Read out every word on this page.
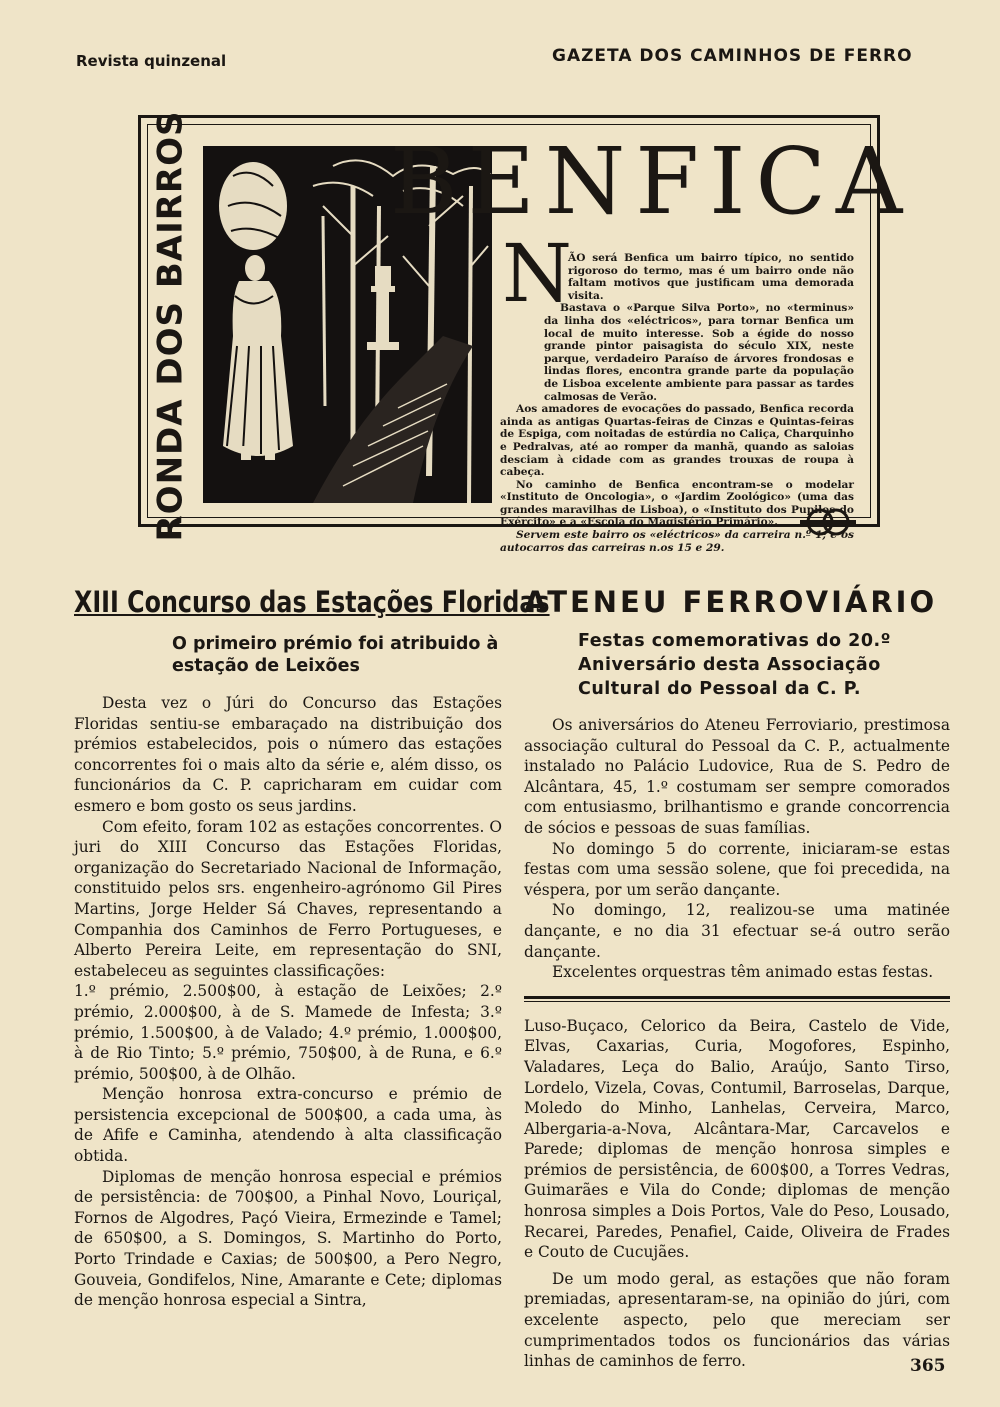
Revista quinzenal	GAZETA DOS CAMINHOS DE FERRO
RONDA DOS BAIRROS BENFICA
N

ÃO será Benfica um bairro típico, no sentido rigoroso do termo, mas é um bairro onde não faltam motivos que justificam uma demorada visita.

Bastava o «Parque Silva Porto», no «terminus» da linha dos «eléctricos», para tornar Benfica um local de muito interesse. Sob a égide do nosso grande pintor paisagista do século XIX, neste parque, verdadeiro Paraíso de árvores frondosas e lindas flores, encontra grande parte da população de Lisboa excelente ambiente para passar as tardes calmosas de Verão.

Aos amadores de evocações do passado, Benfica recorda ainda as antigas Quartas-feiras de Cinzas e Quintas-feiras de Espiga, com noitadas de estúrdia no Caliça, Charquinho e Pedralvas, até ao romper da manhã, quando as saloias desciam à cidade com as grandes trouxas de roupa à cabeça.

No caminho de Benfica encontram-se o modelar «Instituto de Oncologia», o «Jardim Zoológico» (uma das grandes maravilhas de Lisboa), o «Instituto dos Pupilos do Exército» e a «Escola do Magistério Primário».

Servem este bairro os «eléctricos» da carreira n.º 1; e os autocarros das carreiras n.os 15 e 29.

XIII Concurso das Estações Floridas
O primeiro prémio foi atribuido à estação de Leixões

Desta vez o Júri do Concurso das Estações Floridas sentiu-se embaraçado na distribuição dos prémios estabelecidos, pois o número das estações concorrentes foi o mais alto da série e, além disso, os funcionários da C. P. capricharam em cuidar com esmero e bom gosto os seus jardins.

Com efeito, foram 102 as estações concorrentes. O juri do XIII Concurso das Estações Floridas, organização do Secretariado Nacional de Informação, constituido pelos srs. engenheiro-agrónomo Gil Pires Martins, Jorge Helder Sá Chaves, representando a Companhia dos Caminhos de Ferro Portugueses, e Alberto Pereira Leite, em representação do SNI, estabeleceu as seguintes classificações:

1.º prémio, 2.500$00, à estação de Leixões; 2.º prémio, 2.000$00, à de S. Mamede de Infesta; 3.º prémio, 1.500$00, à de Valado; 4.º prémio, 1.000$00, à de Rio Tinto; 5.º prémio, 750$00, à de Runa, e 6.º prémio, 500$00, à de Olhão.

Menção honrosa extra-concurso e prémio de persistencia excepcional de 500$00, a cada uma, às de Afife e Caminha, atendendo à alta classificação obtida.

Diplomas de menção honrosa especial e prémios de persistência: de 700$00, a Pinhal Novo, Louriçal, Fornos de Algodres, Paçó Vieira, Ermezinde e Tamel; de 650$00, a S. Domingos, S. Martinho do Porto, Porto Trindade e Caxias; de 500$00, a Pero Negro, Gouveia, Gondifelos, Nine, Amarante e Cete; diplomas de menção honrosa especial a Sintra,

ATENEU FERROVIÁRIO
Festas comemorativas do 20.º
Aniversário desta Associação
Cultural do Pessoal da C. P.

Os aniversários do Ateneu Ferroviario, prestimosa associação cultural do Pessoal da C. P., actualmente instalado no Palácio Ludovice, Rua de S. Pedro de Alcântara, 45, 1.º costumam ser sempre comorados com entusiasmo, brilhantismo e grande concorrencia de sócios e pessoas de suas famílias.

No domingo 5 do corrente, iniciaram-se estas festas com uma sessão solene, que foi precedida, na véspera, por um serão dançante.

No domingo, 12, realizou-se uma matinée dançante, e no dia 31 efectuar se-á outro serão dançante.

Excelentes orquestras têm animado estas festas.

Luso-Buçaco, Celorico da Beira, Castelo de Vide, Elvas, Caxarias, Curia, Mogofores, Espinho, Valadares, Leça do Balio, Araújo, Santo Tirso, Lordelo, Vizela, Covas, Contumil, Barroselas, Darque, Moledo do Minho, Lanhelas, Cerveira, Marco, Albergaria-a-Nova, Alcântara-Mar, Carcavelos e Parede; diplomas de menção honrosa simples e prémios de persistência, de 600$00, a Torres Vedras, Guimarães e Vila do Conde; diplomas de menção honrosa simples a Dois Portos, Vale do Peso, Lousado, Recarei, Paredes, Penafiel, Caide, Oliveira de Frades e Couto de Cucujães.

De um modo geral, as estações que não foram premiadas, apresentaram-se, na opinião do júri, com excelente aspecto, pelo que mereciam ser cumprimentados todos os funcionários das várias linhas de caminhos de ferro.	365
